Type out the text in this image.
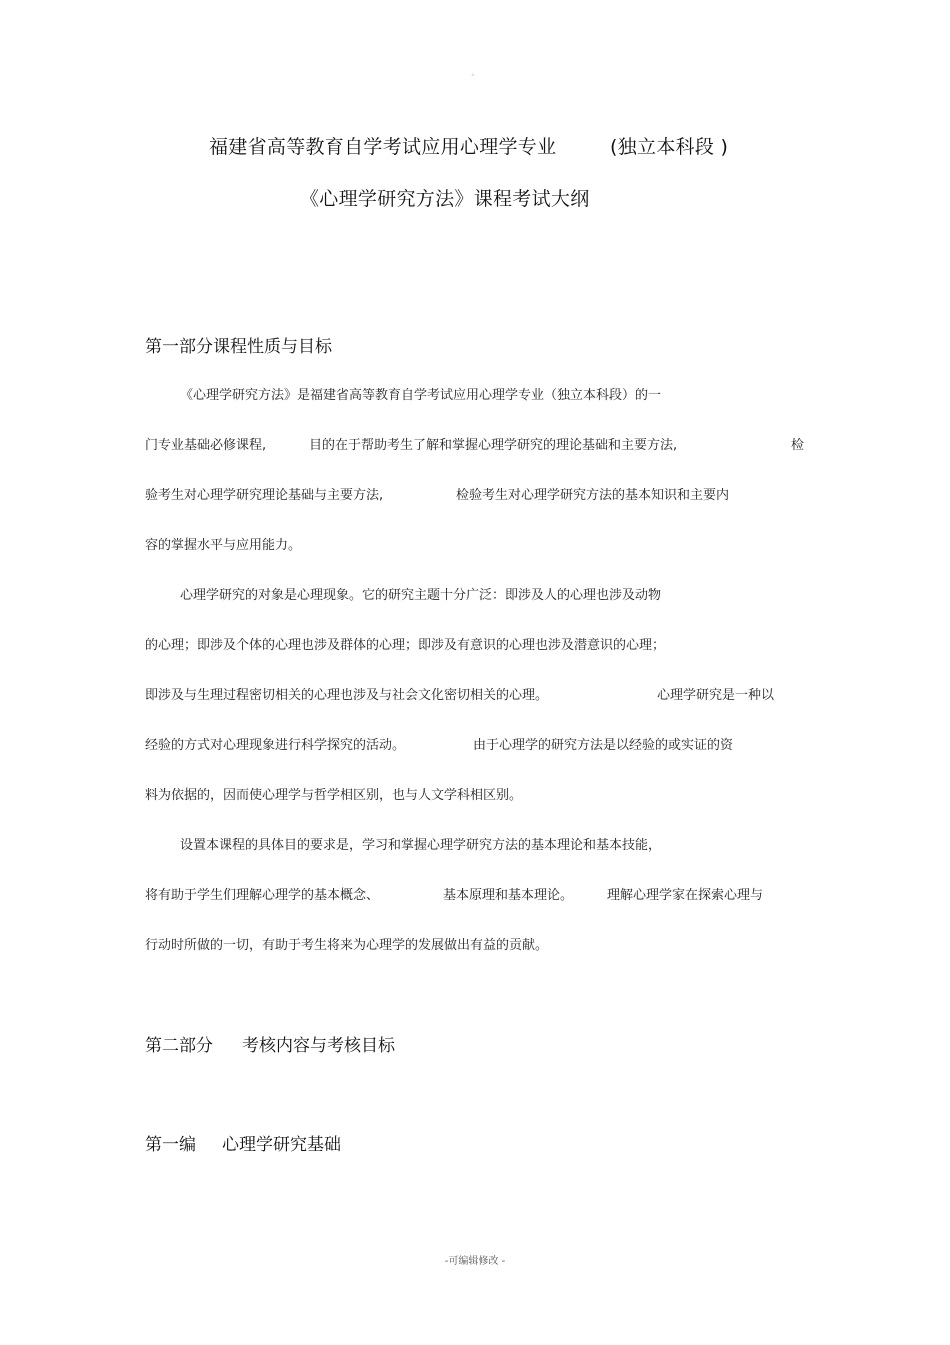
。
福建省高等教育自学考试应用心理学专业	(独立本科段 )
《心理学研究方法》课程考试大纲
第一部分课程性质与目标
《心理学研究方法》是福建省高等教育自学考试应用心理学专业（独立本科段）的一
门专业基础必修课程,	目的在于帮助考生了解和掌握心理学研究的理论基础和主要方法,	检
验考生对心理学研究理论基础与主要方法,	检验考生对心理学研究方法的基本知识和主要内
容的掌握水平与应用能力。
心理学研究的对象是心理现象。它的研究主题十分广泛：即涉及人的心理也涉及动物
的心理；即涉及个体的心理也涉及群体的心理；即涉及有意识的心理也涉及潜意识的心理；
即涉及与生理过程密切相关的心理也涉及与社会文化密切相关的心理。	心理学研究是一种以
经验的方式对心理现象进行科学探究的活动。	由于心理学的研究方法是以经验的或实证的资
料为依据的，因而使心理学与哲学相区别，也与人文学科相区别。
设置本课程的具体目的要求是，学习和掌握心理学研究方法的基本理论和基本技能，
将有助于学生们理解心理学的基本概念、	基本原理和基本理论。	理解心理学家在探索心理与
行动时所做的一切，有助于考生将来为心理学的发展做出有益的贡献。
第二部分 考核内容与考核目标
第一编 心理学研究基础
-可编辑修改 -
